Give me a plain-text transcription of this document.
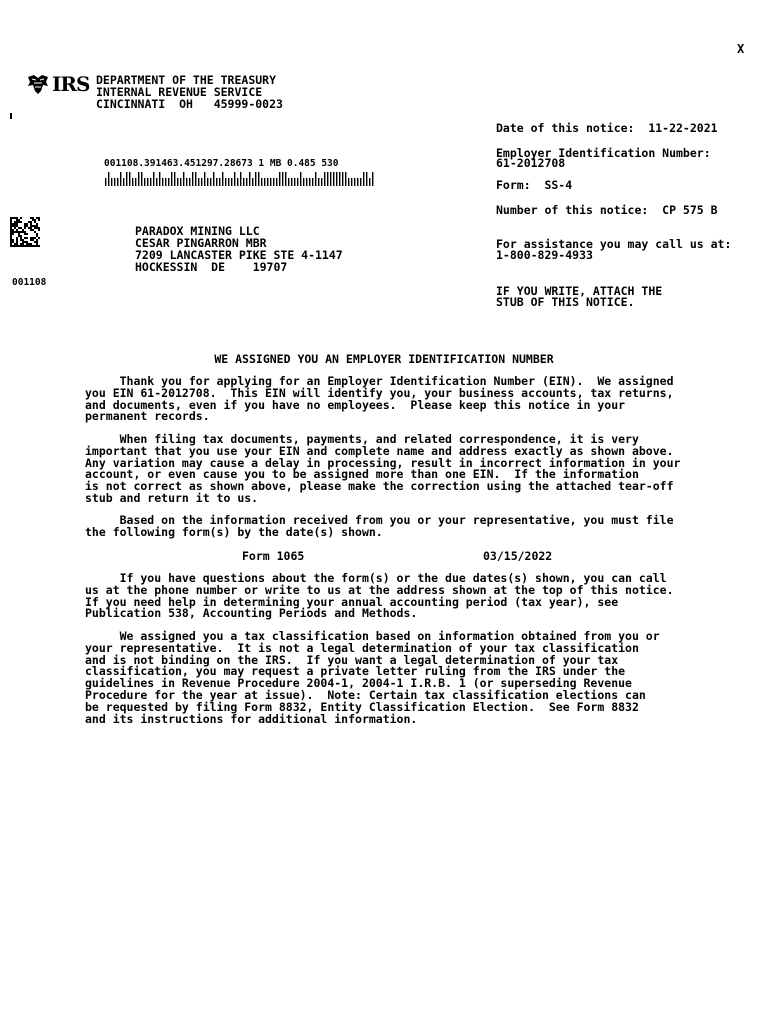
X
IRS DEPARTMENT OF THE TREASURY
INTERNAL REVENUE SERVICE
CINCINNATI  OH   45999-0023
Date of this notice:  11-22-2021
Employer Identification Number:
61-2012708
Form:  SS-4
Number of this notice:  CP 575 B
For assistance you may call us at:
1-800-829-4933
IF YOU WRITE, ATTACH THE
STUB OF THIS NOTICE.
001108.391463.451297.28673 1 MB 0.485 530
001108
PARADOX MINING LLC
CESAR PINGARRON MBR
7209 LANCASTER PIKE STE 4-1147
HOCKESSIN  DE    19707
WE ASSIGNED YOU AN EMPLOYER IDENTIFICATION NUMBER

Thank you for applying for an Employer Identification Number (EIN).  We assigned
you EIN 61-2012708.  This EIN will identify you, your business accounts, tax returns,
and documents, even if you have no employees.  Please keep this notice in your
permanent records.

When filing tax documents, payments, and related correspondence, it is very
important that you use your EIN and complete name and address exactly as shown above.
Any variation may cause a delay in processing, result in incorrect information in your
account, or even cause you to be assigned more than one EIN.  If the information
is not correct as shown above, please make the correction using the attached tear-off
stub and return it to us.

Based on the information received from you or your representative, you must file
the following form(s) by the date(s) shown.

Form 1065	03/15/2022

If you have questions about the form(s) or the due dates(s) shown, you can call
us at the phone number or write to us at the address shown at the top of this notice.
If you need help in determining your annual accounting period (tax year), see
Publication 538, Accounting Periods and Methods.

We assigned you a tax classification based on information obtained from you or
your representative.  It is not a legal determination of your tax classification
and is not binding on the IRS.  If you want a legal determination of your tax
classification, you may request a private letter ruling from the IRS under the
guidelines in Revenue Procedure 2004-1, 2004-1 I.R.B. 1 (or superseding Revenue
Procedure for the year at issue).  Note: Certain tax classification elections can
be requested by filing Form 8832, Entity Classification Election.  See Form 8832
and its instructions for additional information.
